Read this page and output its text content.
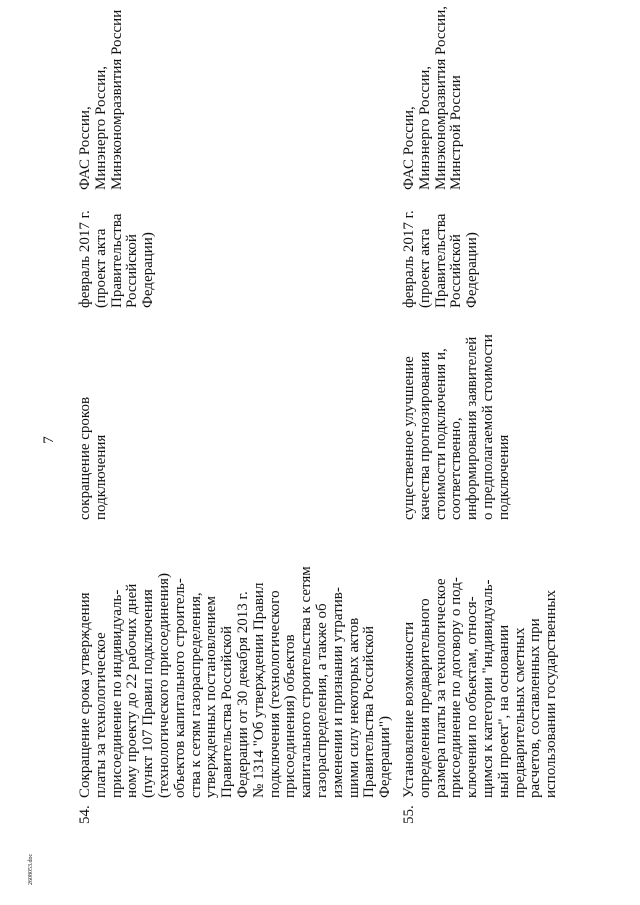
7
54.
Сокращение срока утверждения
платы за технологическое
присоединение по индивидуаль-
ному проекту до 22 рабочих дней
(пункт 107 Правил подключения
(технологического присоединения)
объектов капитального строитель-
ства к сетям газораспределения,
утвержденных постановлением
Правительства Российской
Федерации от 30 декабря 2013 г.
№ 1314 "Об утверждении Правил
подключения (технологического
присоединения) объектов
капитального строительства к сетям
газораспределения, а также об
изменении и признании утратив-
шими силу некоторых актов
Правительства Российской
Федерации")
сокращение сроков
подключения
февраль 2017 г.
(проект акта
Правительства
Российской
Федерации)
ФАС России,
Минэнерго России,
Минэкономразвития России
55.
Установление возможности
определения предварительного
размера платы за технологическое
присоединение по договору о под-
ключении по объектам, относя-
щимся к категории "индивидуаль-
ный проект", на основании
предварительных сметных
расчетов, составленных при
использовании государственных
существенное улучшение
качества прогнозирования
стоимости подключения и,
соответственно,
информирования заявителей
о предполагаемой стоимости
подключения
февраль 2017 г.
(проект акта
Правительства
Российской
Федерации)
ФАС России,
Минэнерго России,
Минэкономразвития России,
Минстрой России
2608053.doc
